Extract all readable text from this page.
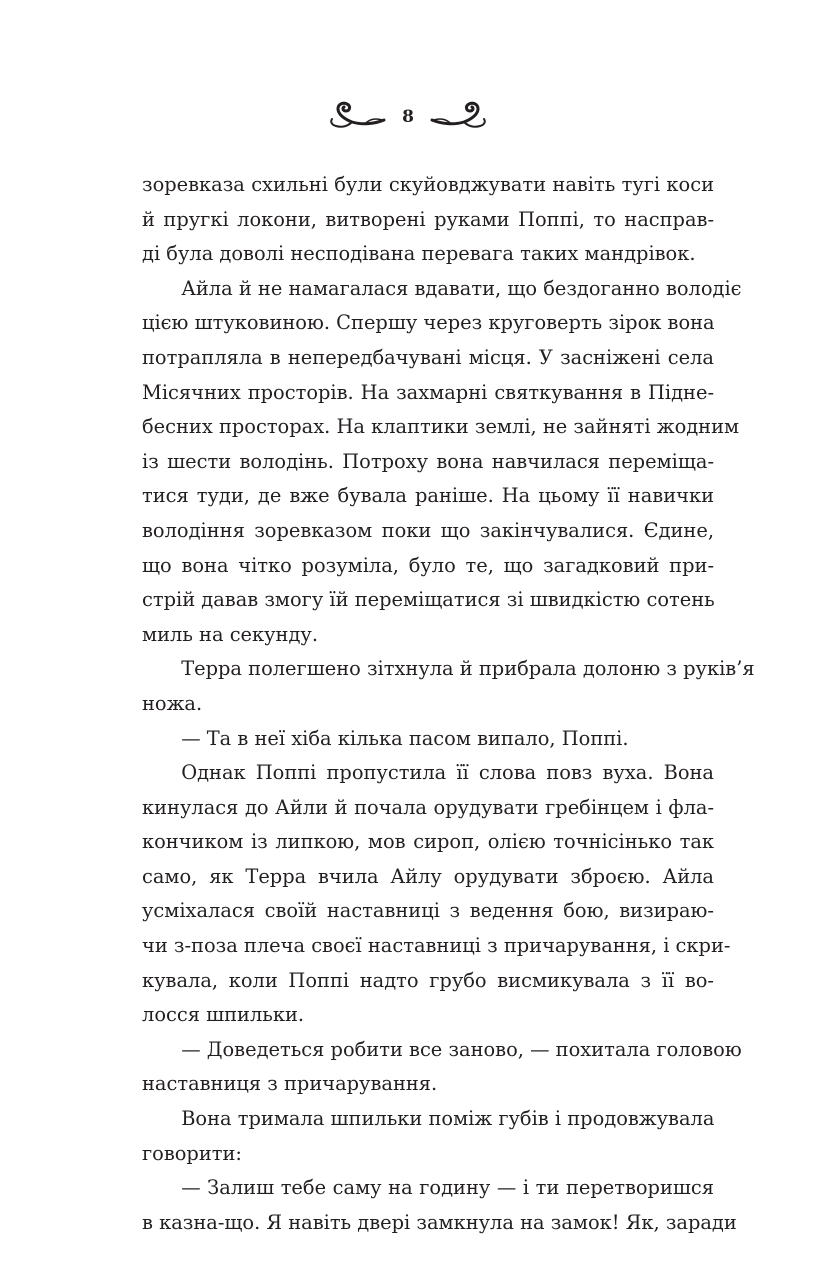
8
зоревказа схильні були скуйовджувати навіть тугі коси
й пругкі локони, витворені руками Поппі, то насправ-
ді була доволі несподівана перевага таких мандрівок.
Айла й не намагалася вдавати, що бездоганно володіє
цією штуковиною. Спершу через круговерть зірок вона
потрапляла в непередбачувані місця. У засніжені села
Місячних просторів. На захмарні святкування в Підне-
бесних просторах. На клаптики землі, не зайняті жодним
із шести володінь. Потроху вона навчилася переміща-
тися туди, де вже бувала раніше. На цьому її навички
володіння зоревказом поки що закінчувалися. Єдине,
що вона чітко розуміла, було те, що загадковий при-
стрій давав змогу їй переміщатися зі швидкістю сотень
миль на секунду.
Терра полегшено зітхнула й прибрала долоню з руків’я
ножа.
— Та в неї хіба кілька пасом випало, Поппі.
Однак Поппі пропустила її слова повз вуха. Вона
кинулася до Айли й почала орудувати гребінцем і фла-
кончиком із липкою, мов сироп, олією точнісінько так
само, як Терра вчила Айлу орудувати зброєю. Айла
усміхалася своїй наставниці з ведення бою, визираю-
чи з-поза плеча своєї наставниці з причарування, і скри-
кувала, коли Поппі надто грубо висмикувала з її во-
лосся шпильки.
— Доведеться робити все заново, — похитала головою
наставниця з причарування.
Вона тримала шпильки поміж губів і продовжувала
говорити:
— Залиш тебе саму на годину — і ти перетворишся
в казна-що. Я навіть двері замкнула на замок! Як, заради
